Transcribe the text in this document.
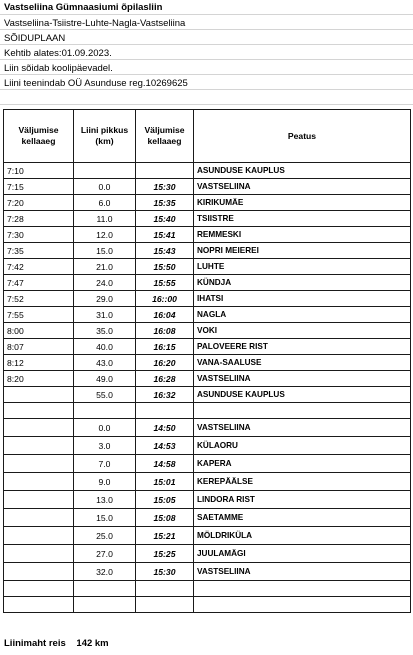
Vastseliina Gümnaasiumi õpilasliin
Vastseliina-Tsiistre-Luhte-Nagla-Vastseliina
SÕIDUPLAAN
Kehtib alates:01.09.2023.
Liin sõidab koolipäevadel.
Liini teenindab OÜ Asunduse reg.10269625
Väljumise kellaaeg	Liini pikkus (km)	Väljumise kellaaeg	Peatus
7:10			ASUNDUSE KAUPLUS
7:15	0.0	15:30	VASTSELIINA
7:20	6.0	15:35	KIRIKUMÄE
7:28	11.0	15:40	TSIISTRE
7:30	12.0	15:41	REMMESKI
7:35	15.0	15:43	NOPRI MEIEREI
7:42	21.0	15:50	LUHTE
7:47	24.0	15:55	KÜNDJA
7:52	29.0	16::00	IHATSI
7:55	31.0	16:04	NAGLA
8:00	35.0	16:08	VOKI
8:07	40.0	16:15	PALOVEERE RIST
8:12	43.0	16:20	VANA-SAALUSE
8:20	49.0	16:28	VASTSELIINA
	55.0	16:32	ASUNDUSE KAUPLUS

	0.0	14:50	VASTSELIINA
	3.0	14:53	KÜLAORU
	7.0	14:58	KAPERA
	9.0	15:01	KEREPÄÄLSE
	13.0	15:05	LINDORA RIST
	15.0	15:08	SAETAMME
	25.0	15:21	MÖLDRIKÜLA
	27.0	15:25	JUULAMÄGI
	32.0	15:30	VASTSELIINA

Liinimaht reis 142 km
